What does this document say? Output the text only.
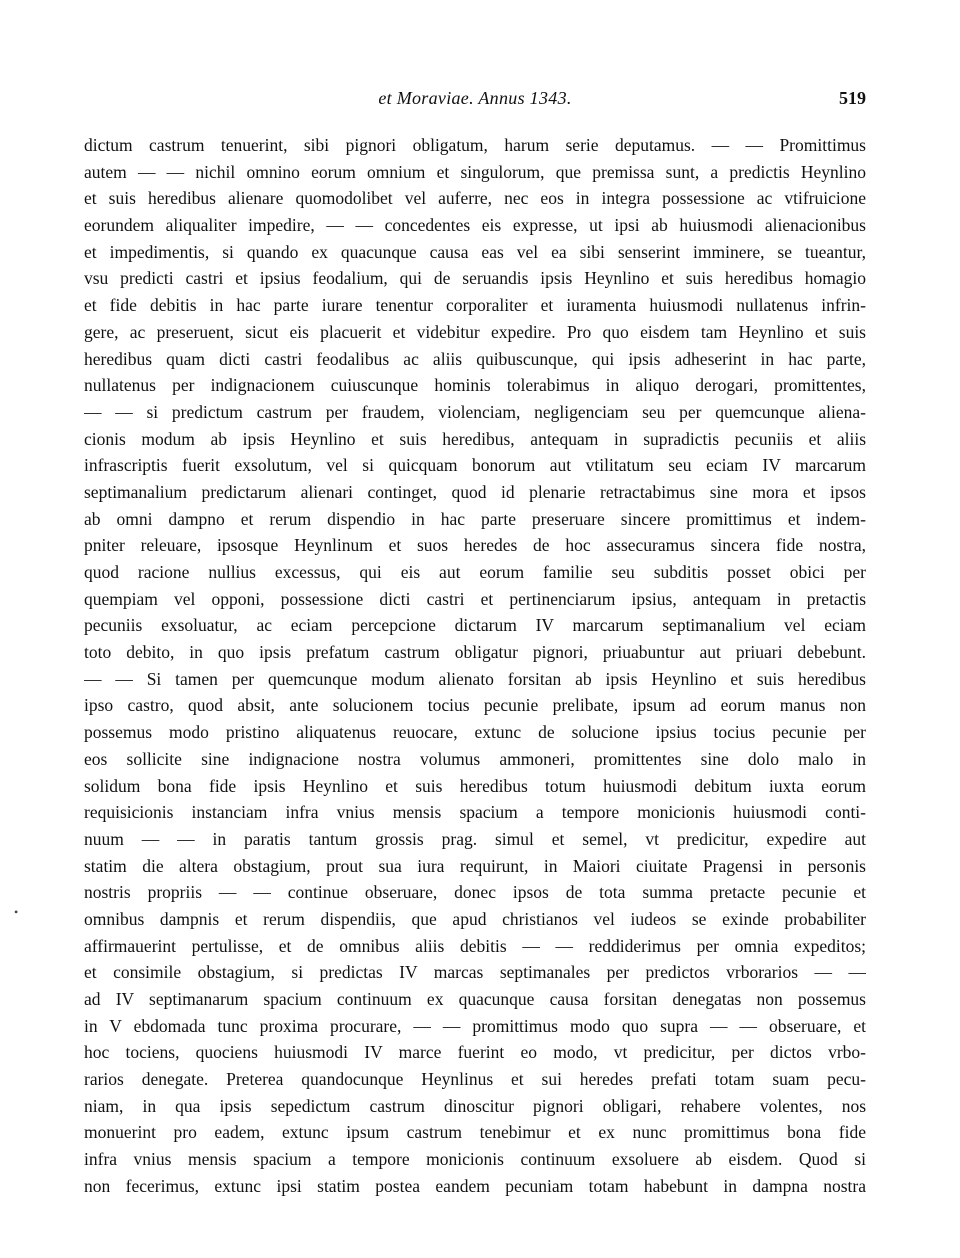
et Moraviae. Annus 1343.	519
dictum castrum tenuerint, sibi pignori obligatum, harum serie deputamus. — — Promittimus
autem — — nichil omnino eorum omnium et singulorum, que premissa sunt, a predictis Heynlino
et suis heredibus alienare quomodolibet vel auferre, nec eos in integra possessione ac vtifruicione
eorundem aliqualiter impedire, — — concedentes eis expresse, ut ipsi ab huiusmodi alienacionibus
et impedimentis, si quando ex quacunque causa eas vel ea sibi senserint imminere, se tueantur,
vsu predicti castri et ipsius feodalium, qui de seruandis ipsis Heynlino et suis heredibus homagio
et fide debitis in hac parte iurare tenentur corporaliter et iuramenta huiusmodi nullatenus infrin-
gere, ac preseruent, sicut eis placuerit et videbitur expedire. Pro quo eisdem tam Heynlino et suis
heredibus quam dicti castri feodalibus ac aliis quibuscunque, qui ipsis adheserint in hac parte,
nullatenus per indignacionem cuiuscunque hominis tolerabimus in aliquo derogari, promittentes,
— — si predictum castrum per fraudem, violenciam, negligenciam seu per quemcunque aliena-
cionis modum ab ipsis Heynlino et suis heredibus, antequam in supradictis pecuniis et aliis
infrascriptis fuerit exsolutum, vel si quicquam bonorum aut vtilitatum seu eciam IV marcarum
septimanalium predictarum alienari continget, quod id plenarie retractabimus sine mora et ipsos
ab omni dampno et rerum dispendio in hac parte preseruare sincere promittimus et indem-
pniter releuare, ipsosque Heynlinum et suos heredes de hoc assecuramus sincera fide nostra,
quod racione nullius excessus, qui eis aut eorum familie seu subditis posset obici per
quempiam vel opponi, possessione dicti castri et pertinenciarum ipsius, antequam in pretactis
pecuniis exsoluatur, ac eciam percepcione dictarum IV marcarum septimanalium vel eciam
toto debito, in quo ipsis prefatum castrum obligatur pignori, priuabuntur aut priuari debebunt.
— — Si tamen per quemcunque modum alienato forsitan ab ipsis Heynlino et suis heredibus
ipso castro, quod absit, ante solucionem tocius pecunie prelibate, ipsum ad eorum manus non
possemus modo pristino aliquatenus reuocare, extunc de solucione ipsius tocius pecunie per
eos sollicite sine indignacione nostra volumus ammoneri, promittentes sine dolo malo in
solidum bona fide ipsis Heynlino et suis heredibus totum huiusmodi debitum iuxta eorum
requisicionis instanciam infra vnius mensis spacium a tempore monicionis huiusmodi conti-
nuum — — in paratis tantum grossis prag. simul et semel, vt predicitur, expedire aut
statim die altera obstagium, prout sua iura requirunt, in Maiori ciuitate Pragensi in personis
nostris propriis — — continue obseruare, donec ipsos de tota summa pretacte pecunie et
omnibus dampnis et rerum dispendiis, que apud christianos vel iudeos se exinde probabiliter
affirmauerint pertulisse, et de omnibus aliis debitis — — reddiderimus per omnia expeditos;
et consimile obstagium, si predictas IV marcas septimanales per predictos vrborarios — —
ad IV septimanarum spacium continuum ex quacunque causa forsitan denegatas non possemus
in V ebdomada tunc proxima procurare, — — promittimus modo quo supra — — obseruare, et
hoc tociens, quociens huiusmodi IV marce fuerint eo modo, vt predicitur, per dictos vrbo-
rarios denegate. Preterea quandocunque Heynlinus et sui heredes prefati totam suam pecu-
niam, in qua ipsis sepedictum castrum dinoscitur pignori obligari, rehabere volentes, nos
monuerint pro eadem, extunc ipsum castrum tenebimur et ex nunc promittimus bona fide
infra vnius mensis spacium a tempore monicionis continuum exsoluere ab eisdem. Quod si
non fecerimus, extunc ipsi statim postea eandem pecuniam totam habebunt in dampna nostra
•
